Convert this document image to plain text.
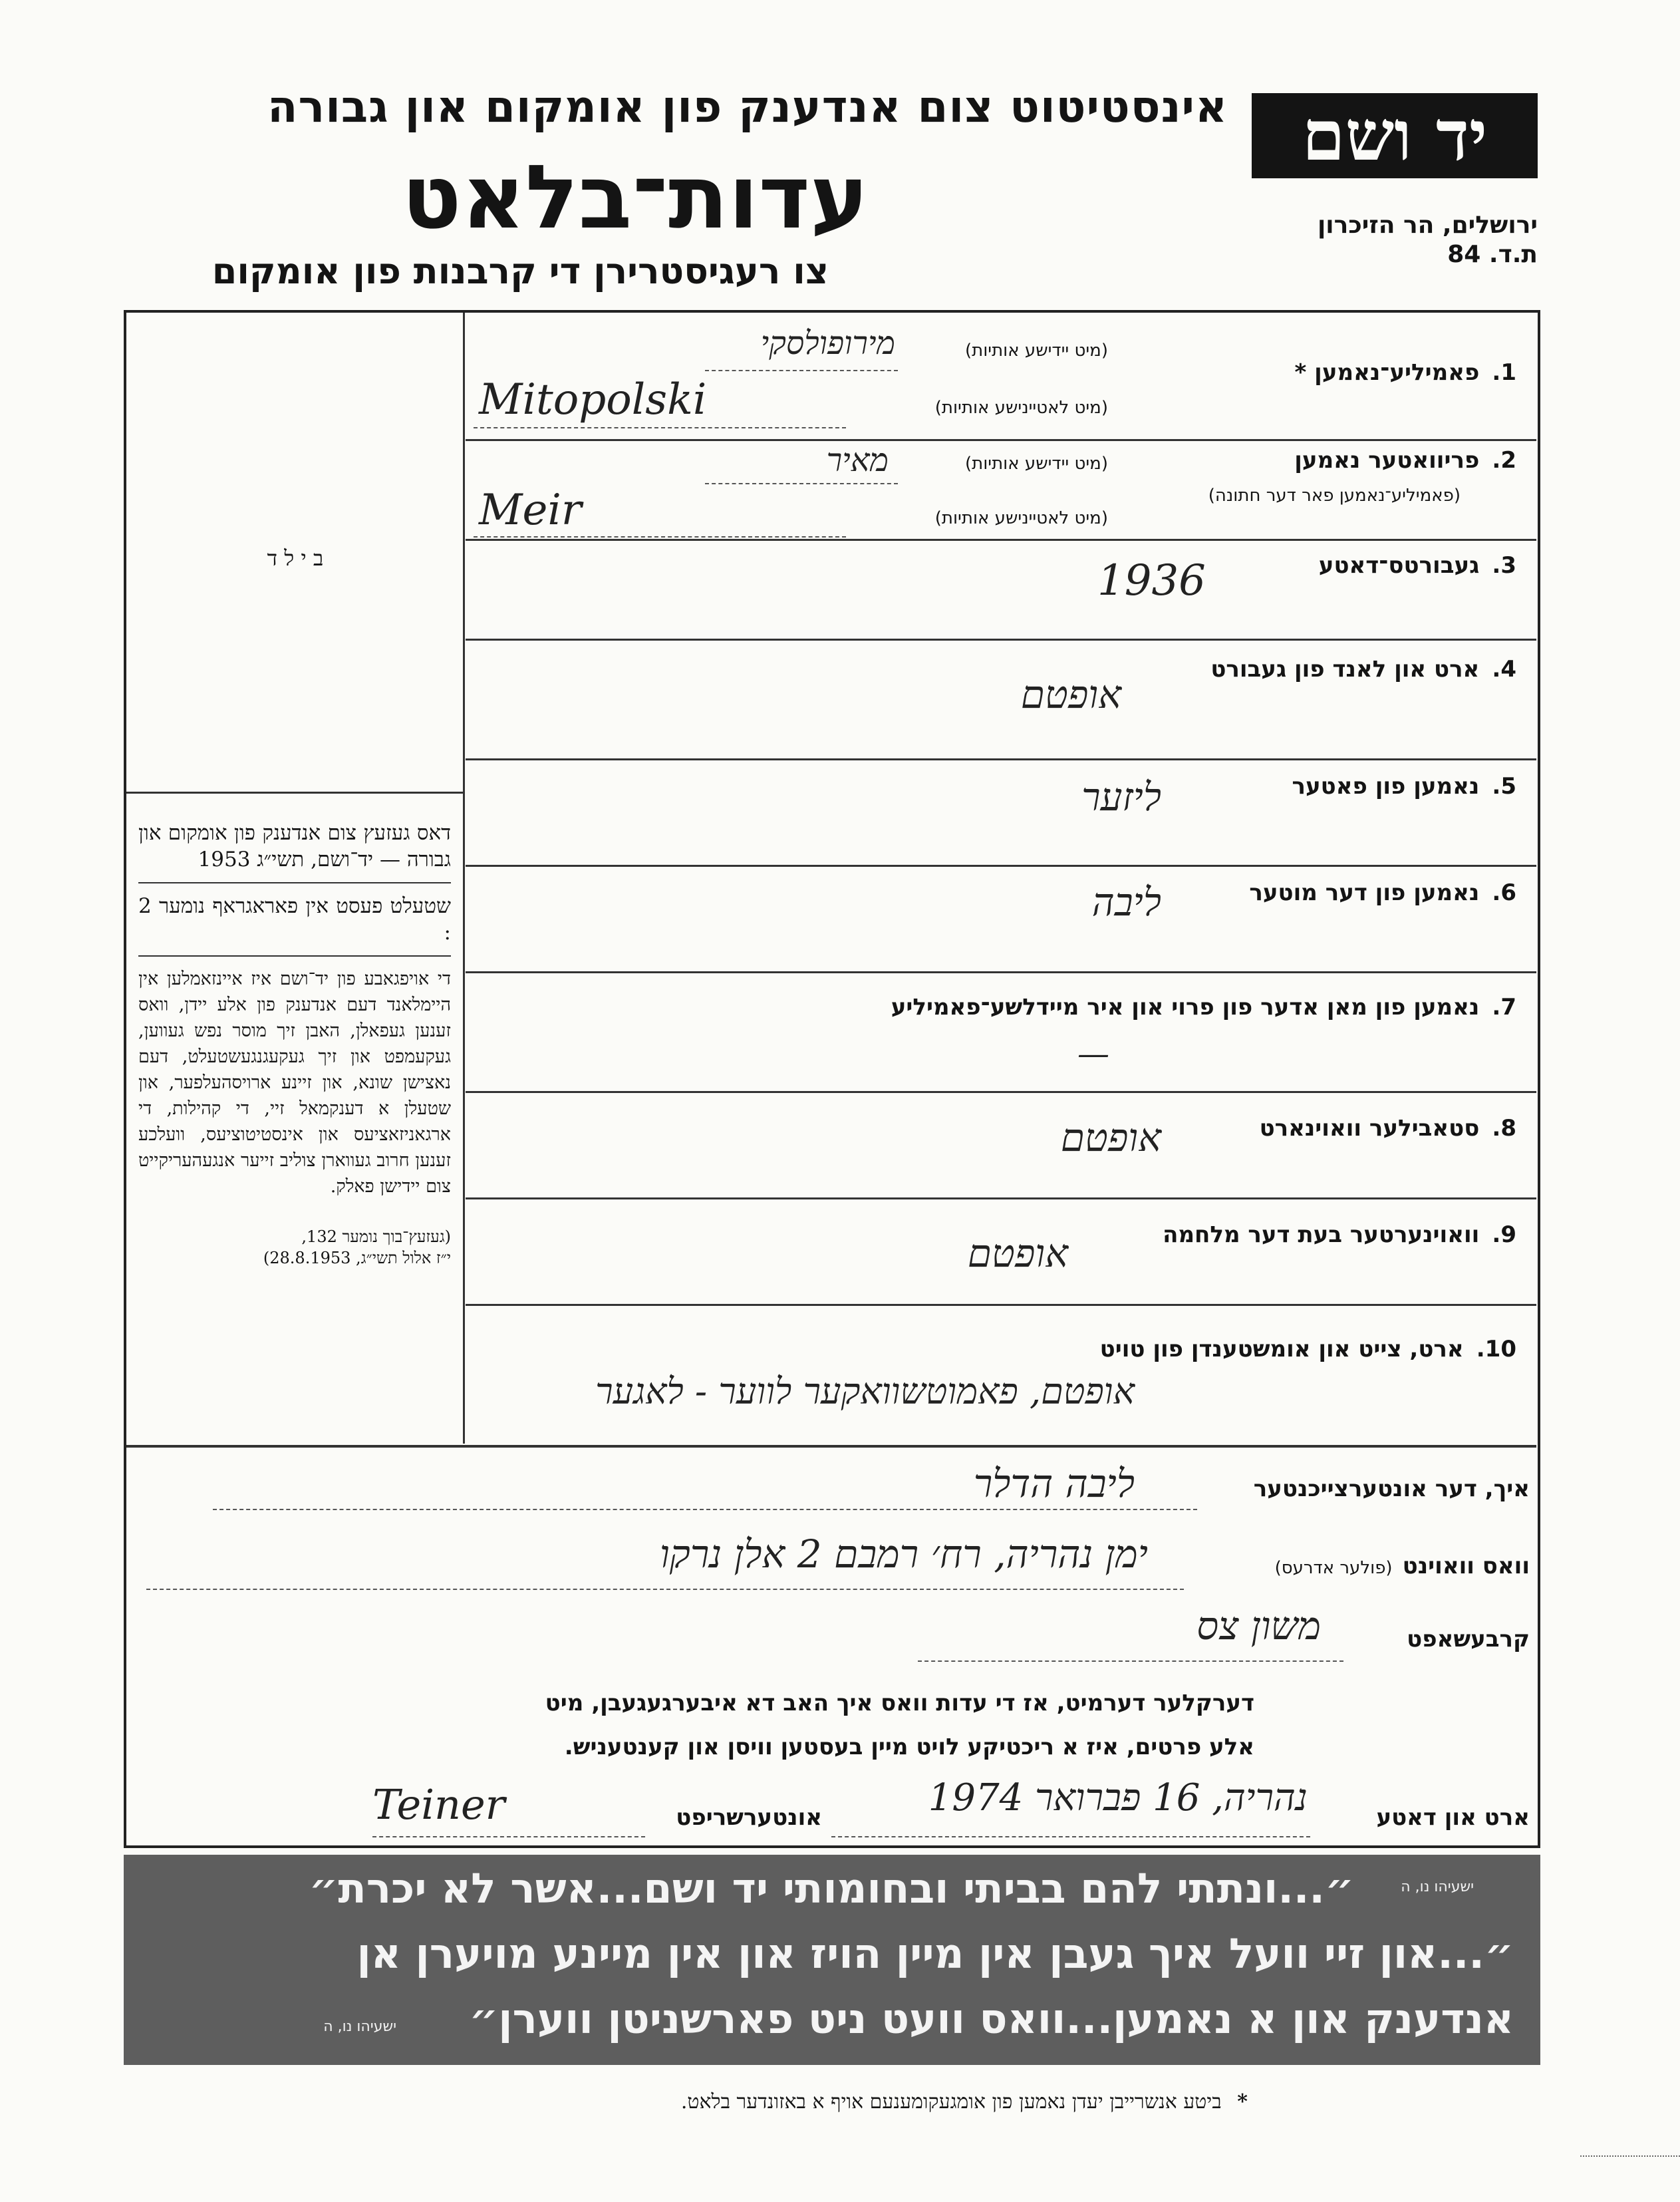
יד ושם
ירושלים, הר הזיכרון
ת.ד. 84
אינסטיטוט צום אנדענק פון אומקום און גבורה
עדות־בלאט
צו רעגיסטרירן די קרבנות פון אומקום
ב י ל ד
דאס געזעץ צום אנדענק פון אומקום און גבורה — יד־ושם, תשי״ג 1953
שטעלט פעסט אין פאראגראף נומער 2 :
די אויפגאבע פון יד־ושם איז איינזאמלען אין היימלאנד דעם אנדענק פון אלע יידן, וואס זענען געפאלן, האבן זיך מוסר נפש געווען, געקעמפט און זיך געקעגנגעשטעלט, דעם נאצישן שונא, און זיינע ארויסהעלפער, און שטעלן א דענקמאל זיי, די קהילות, די ארגאניזאציעס און אינסטיטוציעס, וועלכע זענען חרוב געווארן צוליב זייער אנגעהעריקייט צום יידישן פאלק.
(געזעץ־בוך נומער 132,
י״ז אלול תשי״ג, 28.8.1953)
1. פאמיליע־נאמען *
(מיט יידישע אותיות)
מירופולסקי
(מיט לאטיינישע אותיות)
Mitopolski
2. פריוואטער נאמען
(פאמיליע־נאמען פאר דער חתונה)
(מיט יידישע אותיות)
מאיר
(מיט לאטיינישע אותיות)
Meir
3. געבורטס־דאטע
1936
4. ארט און לאנד פון געבורט
אופטם
5. נאמען פון פאטער
ליזער
6. נאמען פון דער מוטער
ליבה
7. נאמען פון מאן אדער פון פרוי און איר מיידלשע־פאמיליע
—
8. סטאבילער וואוינארט
אופטם
9. וואוינערטער בעת דער מלחמה
אופטם
10. ארט, צייט און אומשטענדן פון טויט
אופטם, פאמוטשוואקער לווער - לאגער
איך, דער אונטערצייכנטער
ליבה הדלר
וואס וואוינט (פולער אדרעס)
ימן נהריה, רח׳ רמבם 2 אלן נרקו
קרבעשאפט
משון צס
דערקלער דערמיט, אז די עדות וואס איך האב דא איבערגעגעבן, מיט
אלע פרטים, איז א ריכטיקע לויט מיין בעסטען וויסן און קענטעניש.
ארט און דאטע
נהריה, 16 פברואר 1974
אונטערשריפט
Teiner
״...ונתתי להם בביתי ובחומותי יד ושם...אשר לא יכרת״	ישעיהו נו, ה
״...און זיי וועל איך געבן אין מיין הויז און אין מיינע מויערן אן
אנדענק און א נאמען...וואס וועט ניט פארשניטן ווערן״
ישעיהו נו, ה
* ביטע אנשרייבן יעדן נאמען פון אומגעקומענעם אויף א באזונדער בלאט.
